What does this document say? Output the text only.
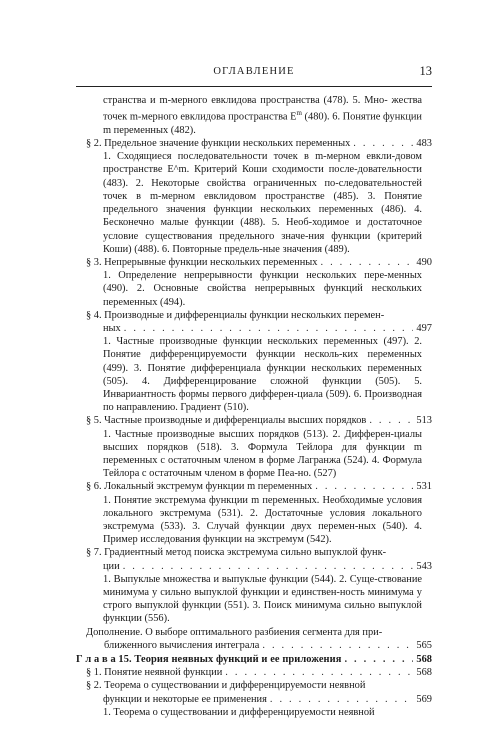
ОГЛАВЛЕНИЕ	13
странства и m-мерного евклидова пространства (478). 5. Мно- жества точек m-мерного евклидова пространства $E^m$ (480). 6. Понятие функции m переменных (482).
§ 2. Предельное значение функции нескольких переменных . . .	483
1. Сходящиеся последовательности точек в m-мерном евкли-довом пространстве E^m. Критерий Коши сходимости после-довательности (483). 2. Некоторые свойства ограниченных по-следовательностей точек в m-мерном евклидовом пространстве (485). 3. Понятие предельного значения функции нескольких переменных (486). 4. Бесконечно малые функции (488). 5. Необ-ходимое и достаточное условие существования предельного значе-ния функции (критерий Коши) (488). 6. Повторные предель-ные значения (489).
§ 3. Непрерывные функции нескольких переменных . . .	490
1. Определение непрерывности функции нескольких пере-менных (490). 2. Основные свойства непрерывных функций нескольких переменных (494).
§ 4. Производные и дифференциалы функции нескольких перемен-
ных . . .	497
1. Частные производные функции нескольких переменных (497). 2. Понятие дифференцируемости функции несколь-ких переменных (499). 3. Понятие дифференциала функции нескольких переменных (505). 4. Дифференцирование сложной функции (505). 5. Инвариантность формы первого дифферен-циала (509). 6. Производная по направлению. Градиент (510).
§ 5. Частные производные и дифференциалы высших порядков . . .	513
1. Частные производные высших порядков (513). 2. Дифферен-циалы высших порядков (518). 3. Формула Тейлора для функции m переменных с остаточным членом в форме Лагранжа (524). 4. Формула Тейлора с остаточным членом в форме Пеа-но. (527)
§ 6. Локальный экстремум функции m переменных . . .	531
1. Понятие экстремума функции m переменных. Необходимые условия локального экстремума (531). 2. Достаточные условия локального экстремума (533). 3. Случай функции двух перемен-ных (540). 4. Пример исследования функции на экстремум (542).
§ 7. Градиентный метод поиска экстремума сильно выпуклой функ-
ции . . .	543
1. Выпуклые множества и выпуклые функции (544). 2. Суще-ствование минимума у сильно выпуклой функции и единствен-ность минимума у строго выпуклой функции (551). 3. Поиск минимума сильно выпуклой функции (556).
Дополнение. О выборе оптимального разбиения сегмента для при-
ближенного вычисления интеграла . . .	565
Г л а в а 15. Теория неявных функций и ее приложения . . .	568
§ 1. Понятие неявной функции . . .	568
§ 2. Теорема о существовании и дифференцируемости неявной
функции и некоторые ее применения . . .	569
1. Теорема о существовании и дифференцируемости неявной
